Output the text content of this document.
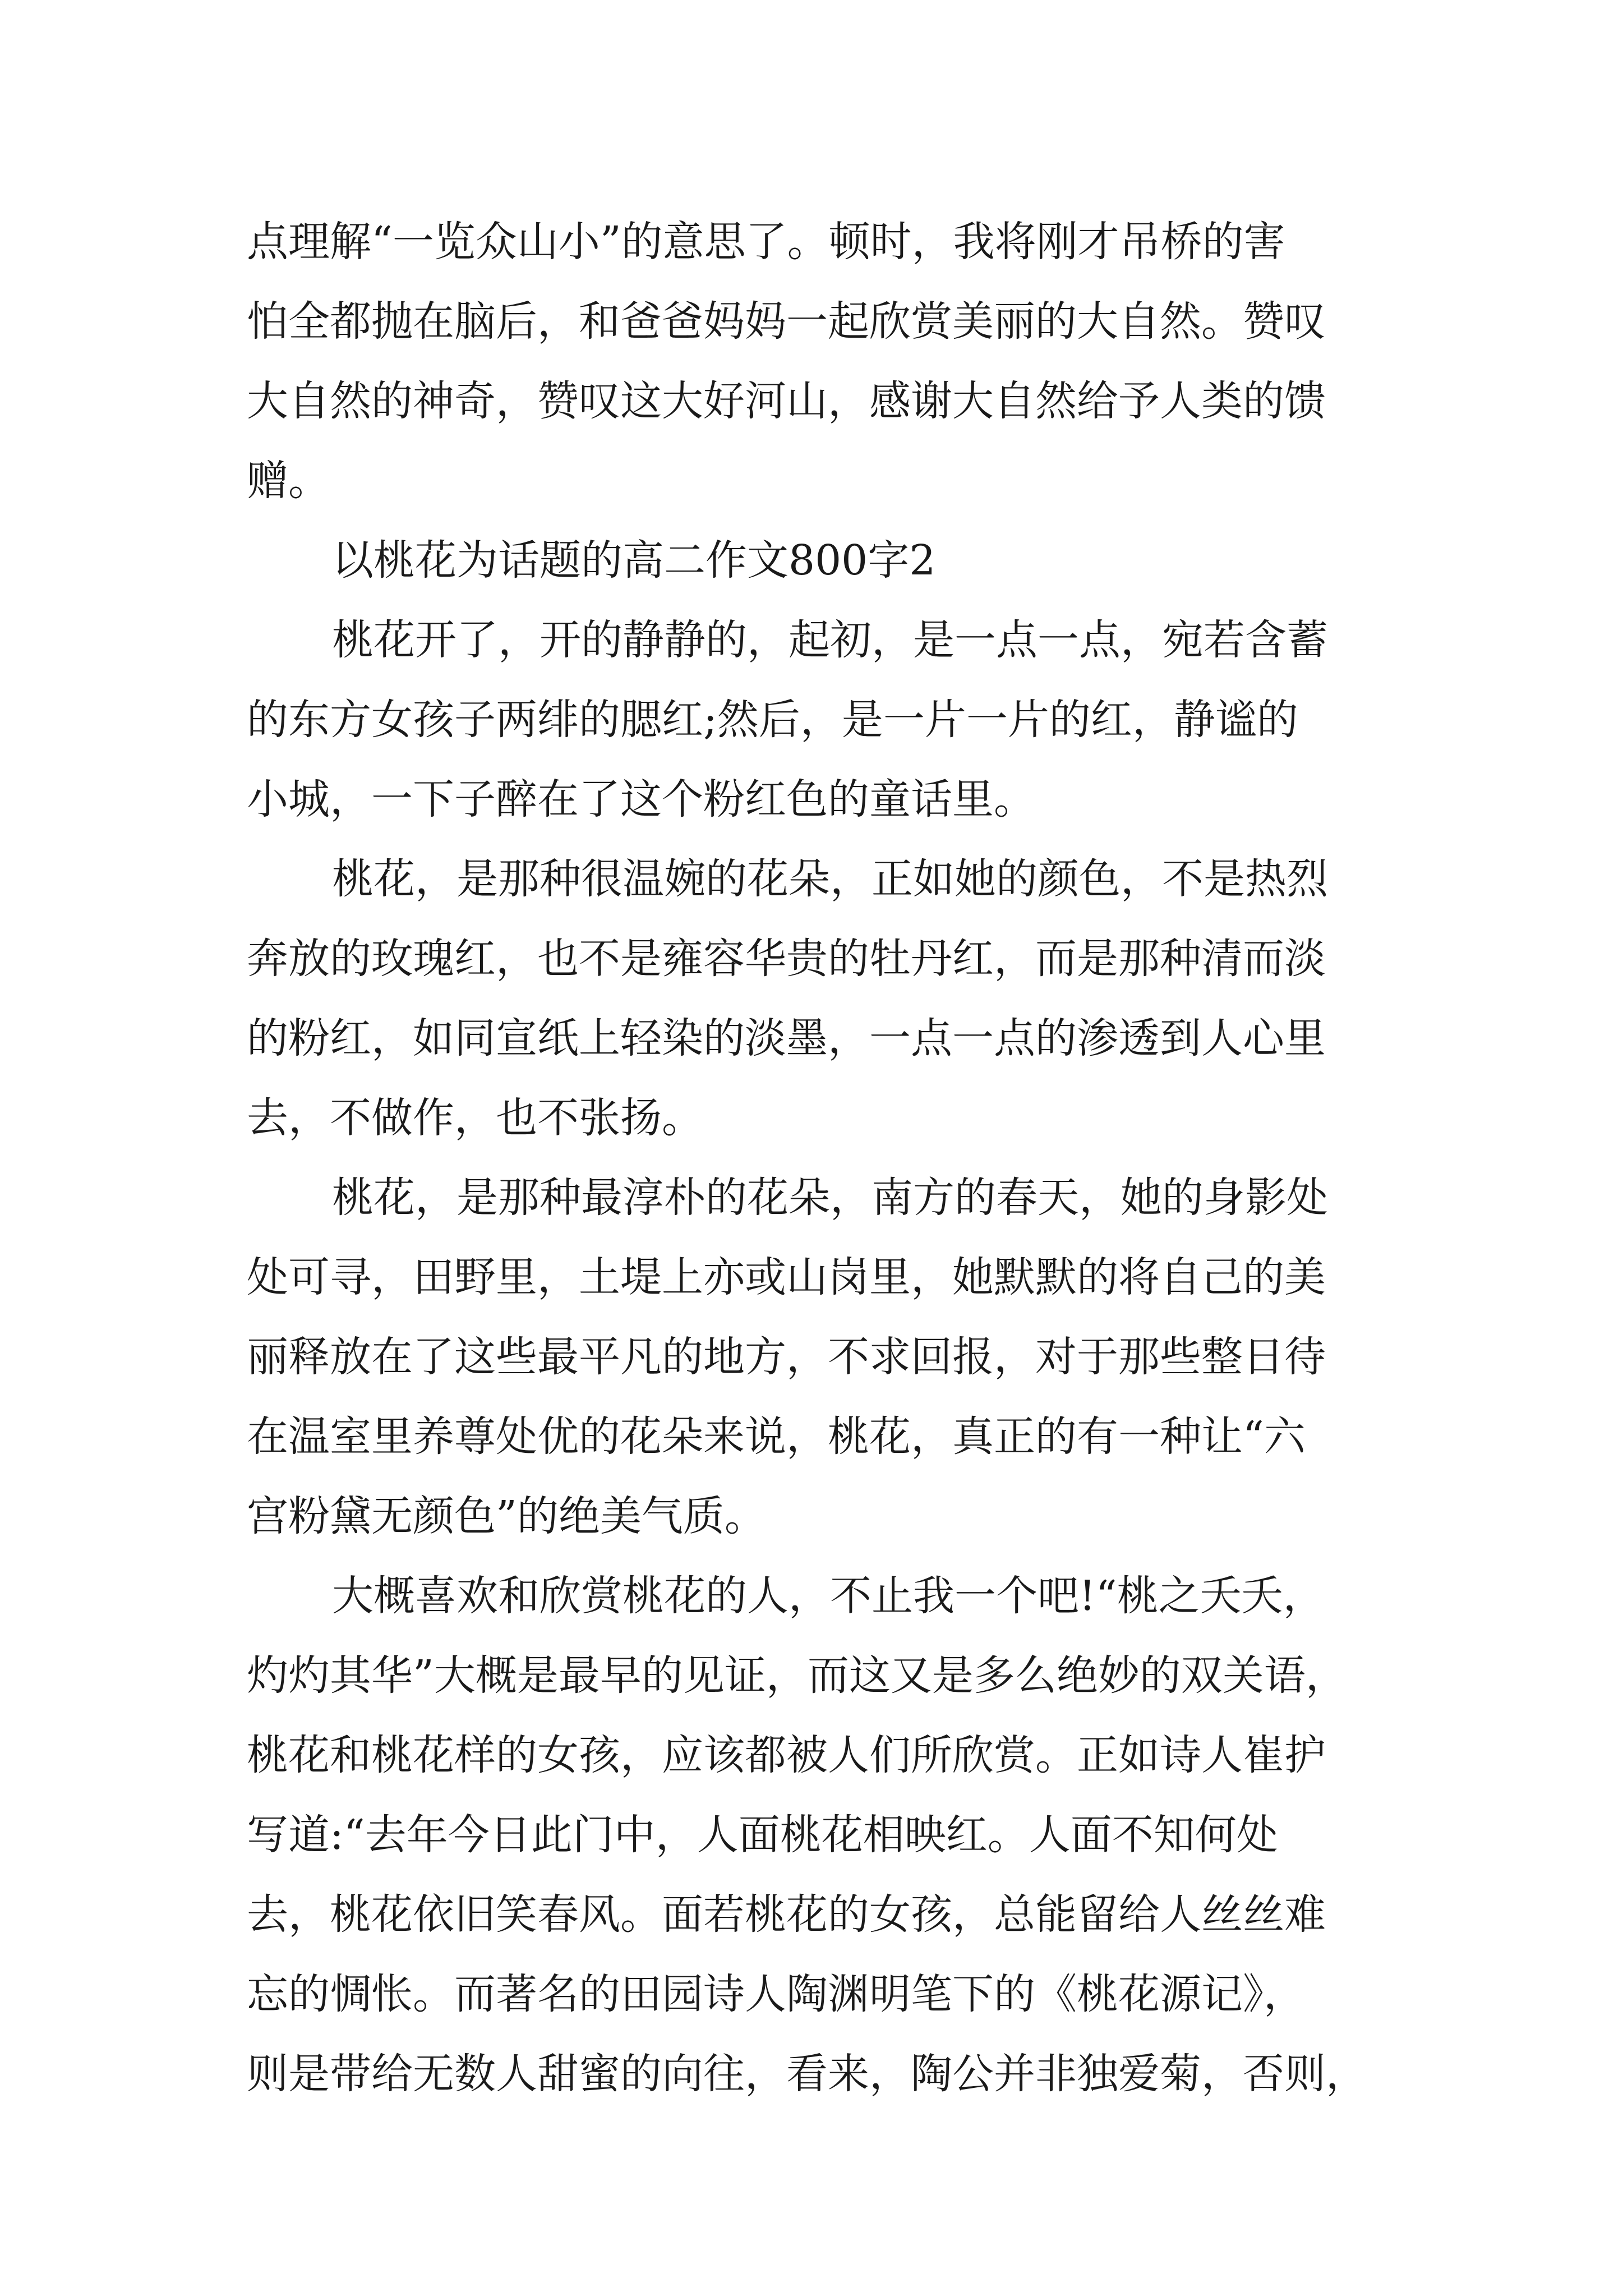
点理解“一览众山小”的意思了。顿时，我将刚才吊桥的害
怕全都抛在脑后，和爸爸妈妈一起欣赏美丽的大自然。赞叹
大自然的神奇，赞叹这大好河山，感谢大自然给予人类的馈
赠。
以桃花为话题的高二作文800字2
桃花开了，开的静静的，起初，是一点一点，宛若含蓄
的东方女孩子两绯的腮红;然后，是一片一片的红，静谧的
小城，一下子醉在了这个粉红色的童话里。
桃花，是那种很温婉的花朵，正如她的颜色，不是热烈
奔放的玫瑰红，也不是雍容华贵的牡丹红，而是那种清而淡
的粉红，如同宣纸上轻染的淡墨，一点一点的渗透到人心里
去，不做作，也不张扬。
桃花，是那种最淳朴的花朵，南方的春天，她的身影处
处可寻，田野里，土堤上亦或山岗里，她默默的将自己的美
丽释放在了这些最平凡的地方，不求回报，对于那些整日待
在温室里养尊处优的花朵来说，桃花，真正的有一种让“六
宫粉黛无颜色”的绝美气质。
大概喜欢和欣赏桃花的人，不止我一个吧!“桃之夭夭，
灼灼其华”大概是最早的见证，而这又是多么绝妙的双关语，
桃花和桃花样的女孩，应该都被人们所欣赏。正如诗人崔护
写道:“去年今日此门中，人面桃花相映红。人面不知何处
去，桃花依旧笑春风。面若桃花的女孩，总能留给人丝丝难
忘的惆怅。而著名的田园诗人陶渊明笔下的《桃花源记》，
则是带给无数人甜蜜的向往，看来，陶公并非独爱菊，否则，
